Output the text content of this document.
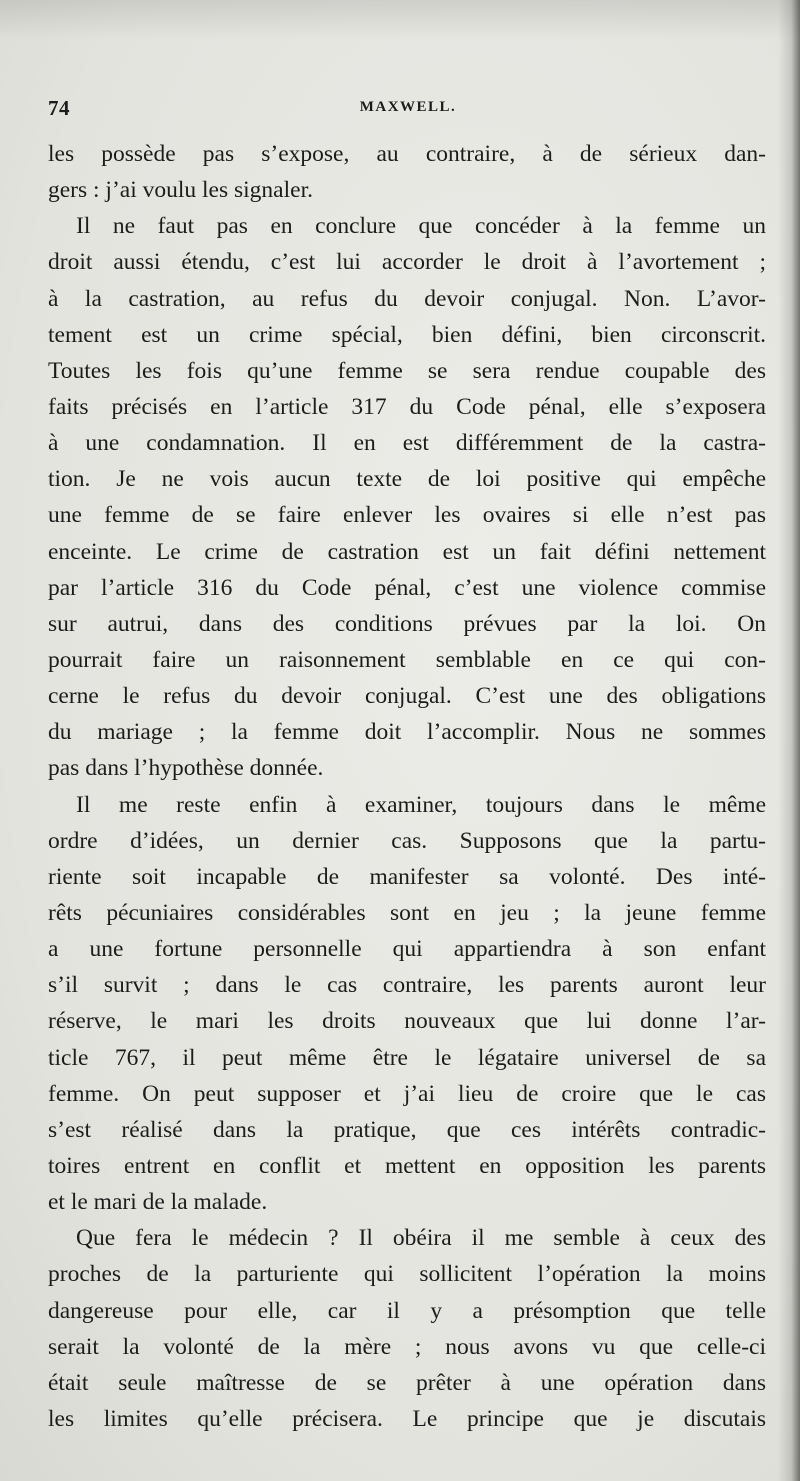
74	MAXWELL.
les possède pas s’expose, au contraire, à de sérieux dan-
gers : j’ai voulu les signaler.
Il ne faut pas en conclure que concéder à la femme un
droit aussi étendu, c’est lui accorder le droit à l’avortement ;
à la castration, au refus du devoir conjugal. Non. L’avor-
tement est un crime spécial, bien défini, bien circonscrit.
Toutes les fois qu’une femme se sera rendue coupable des
faits précisés en l’article 317 du Code pénal, elle s’exposera
à une condamnation. Il en est différemment de la castra-
tion. Je ne vois aucun texte de loi positive qui empêche
une femme de se faire enlever les ovaires si elle n’est pas
enceinte. Le crime de castration est un fait défini nettement
par l’article 316 du Code pénal, c’est une violence commise
sur autrui, dans des conditions prévues par la loi. On
pourrait faire un raisonnement semblable en ce qui con-
cerne le refus du devoir conjugal. C’est une des obligations
du mariage ; la femme doit l’accomplir. Nous ne sommes
pas dans l’hypothèse donnée.
Il me reste enfin à examiner, toujours dans le même
ordre d’idées, un dernier cas. Supposons que la partu-
riente soit incapable de manifester sa volonté. Des inté-
rêts pécuniaires considérables sont en jeu ; la jeune femme
a une fortune personnelle qui appartiendra à son enfant
s’il survit ; dans le cas contraire, les parents auront leur
réserve, le mari les droits nouveaux que lui donne l’ar-
ticle 767, il peut même être le légataire universel de sa
femme. On peut supposer et j’ai lieu de croire que le cas
s’est réalisé dans la pratique, que ces intérêts contradic-
toires entrent en conflit et mettent en opposition les parents
et le mari de la malade.
Que fera le médecin ? Il obéira il me semble à ceux des
proches de la parturiente qui sollicitent l’opération la moins
dangereuse pour elle, car il y a présomption que telle
serait la volonté de la mère ; nous avons vu que celle-ci
était seule maîtresse de se prêter à une opération dans
les limites qu’elle précisera. Le principe que je discutais
